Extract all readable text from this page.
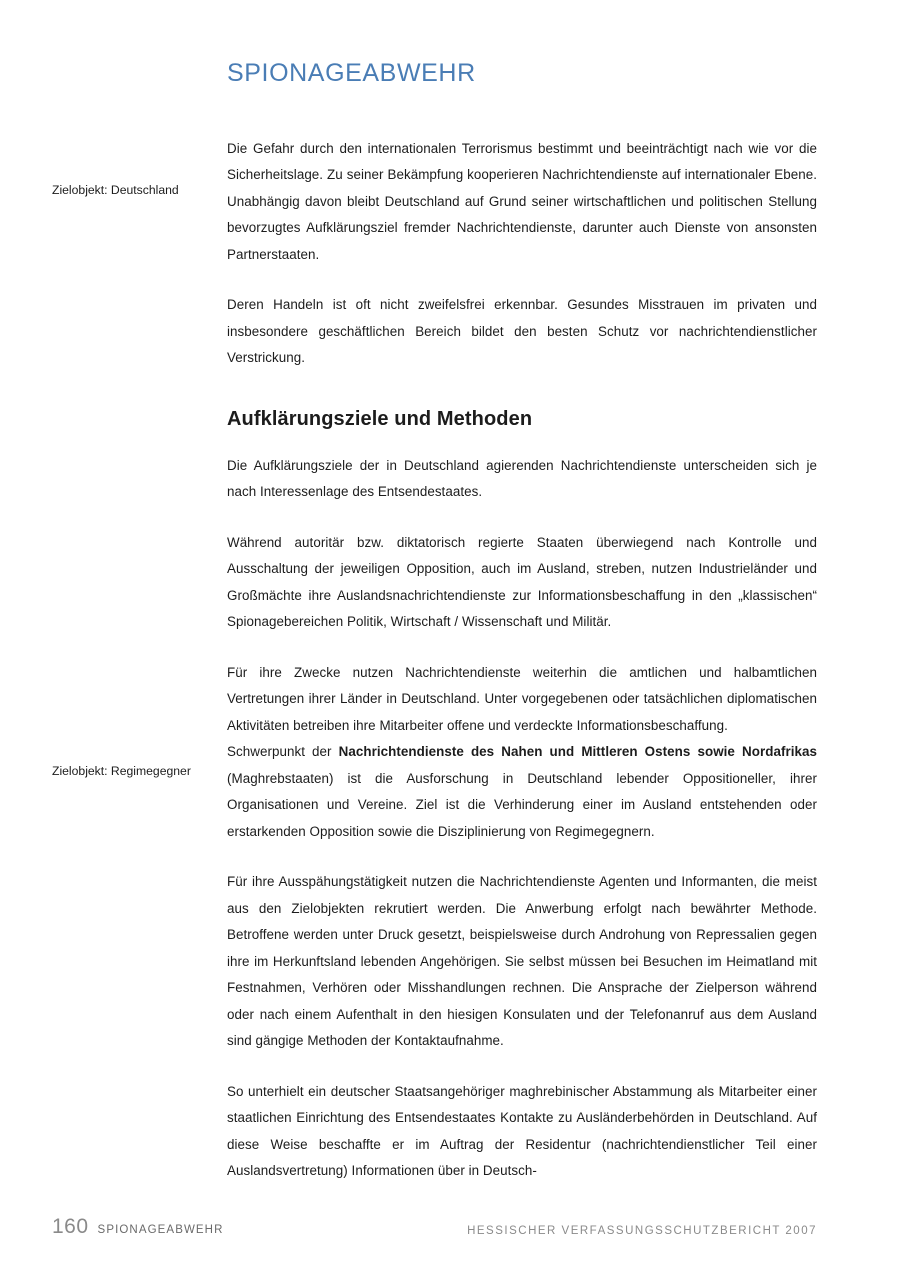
Zielobjekt: Deutschland
Zielobjekt: Regimegegner
SPIONAGEABWEHR

Die Gefahr durch den internationalen Terrorismus bestimmt und beeinträchtigt nach wie vor die Sicherheitslage. Zu seiner Bekämpfung kooperieren Nachrichtendienste auf internationaler Ebene. Unabhängig davon bleibt Deutschland auf Grund seiner wirtschaftlichen und politischen Stellung bevorzugtes Aufklärungsziel fremder Nachrichtendienste, darunter auch Dienste von ansonsten Partnerstaaten.

Deren Handeln ist oft nicht zweifelsfrei erkennbar. Gesundes Misstrauen im privaten und insbesondere geschäftlichen Bereich bildet den besten Schutz vor nachrichtendienstlicher Verstrickung.

Aufklärungsziele und Methoden

Die Aufklärungsziele der in Deutschland agierenden Nachrichtendienste unterscheiden sich je nach Interessenlage des Entsendestaates.

Während autoritär bzw. diktatorisch regierte Staaten überwiegend nach Kontrolle und Ausschaltung der jeweiligen Opposition, auch im Ausland, streben, nutzen Industrieländer und Großmächte ihre Auslandsnachrichtendienste zur Informationsbeschaffung in den „klassischen“ Spionagebereichen Politik, Wirtschaft / Wissenschaft und Militär.

Für ihre Zwecke nutzen Nachrichtendienste weiterhin die amtlichen und halbamtlichen Vertretungen ihrer Länder in Deutschland. Unter vorgegebenen oder tatsächlichen diplomatischen Aktivitäten betreiben ihre Mitarbeiter offene und verdeckte Informationsbeschaffung.

Schwerpunkt der Nachrichtendienste des Nahen und Mittleren Ostens sowie Nordafrikas (Maghrebstaaten) ist die Ausforschung in Deutschland lebender Oppositioneller, ihrer Organisationen und Vereine. Ziel ist die Verhinderung einer im Ausland entstehenden oder erstarkenden Opposition sowie die Disziplinierung von Regimegegnern.

Für ihre Ausspähungstätigkeit nutzen die Nachrichtendienste Agenten und Informanten, die meist aus den Zielobjekten rekrutiert werden. Die Anwerbung erfolgt nach bewährter Methode. Betroffene werden unter Druck gesetzt, beispielsweise durch Androhung von Repressalien gegen ihre im Herkunftsland lebenden Angehörigen. Sie selbst müssen bei Besuchen im Heimatland mit Festnahmen, Verhören oder Misshandlungen rechnen. Die Ansprache der Zielperson während oder nach einem Aufenthalt in den hiesigen Konsulaten und der Telefonanruf aus dem Ausland sind gängige Methoden der Kontaktaufnahme.

So unterhielt ein deutscher Staatsangehöriger maghrebinischer Abstammung als Mitarbeiter einer staatlichen Einrichtung des Entsendestaates Kontakte zu Ausländerbehörden in Deutschland. Auf diese Weise beschaffte er im Auftrag der Residentur (nachrichtendienstlicher Teil einer Auslandsvertretung) Informationen über in Deutsch-

160 SPIONAGEABWEHR	HESSISCHER VERFASSUNGSSCHUTZBERICHT 2007
